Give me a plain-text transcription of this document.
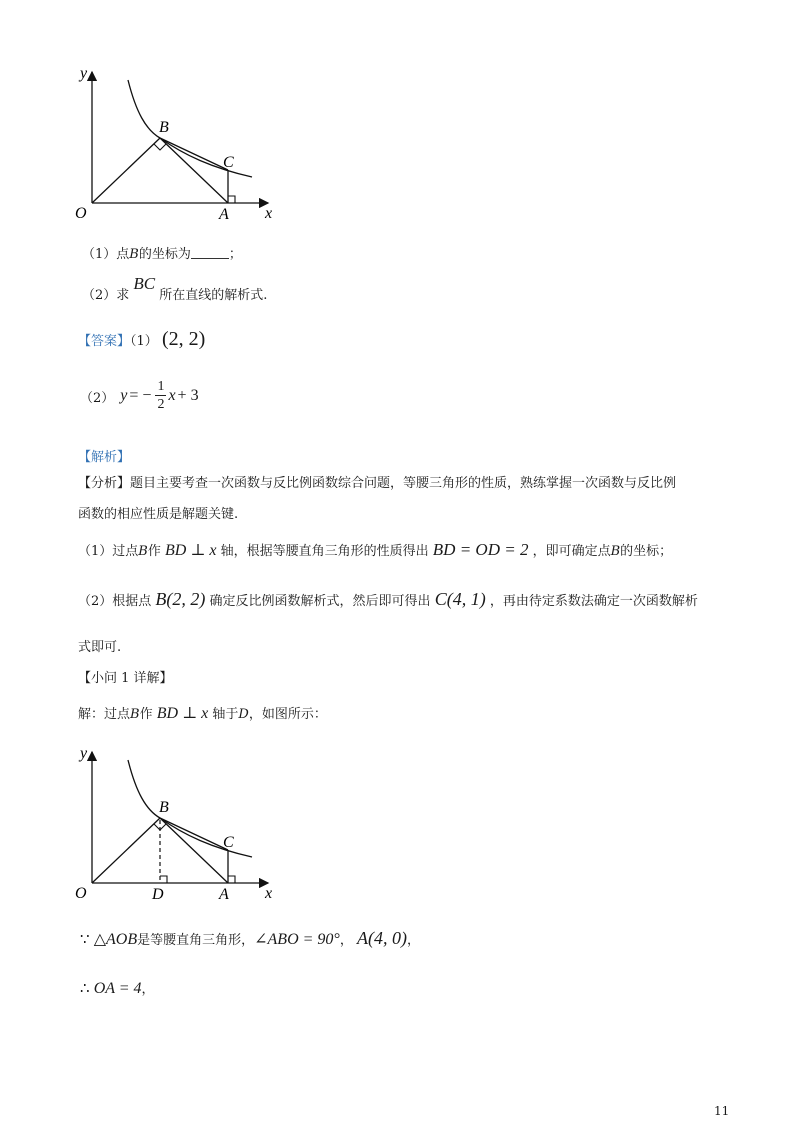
y
x
O	A
B
C
（1）点B的坐标为	；
（2）求 BC 所在直线的解析式.
【答案】（1） (2, 2)
（2） y = − $\frac{1}{2}$ x + 3
【解析】
【分析】题目主要考查一次函数与反比例函数综合问题，等腰三角形的性质，熟练掌握一次函数与反比例
函数的相应性质是解题关键.
（1）过点B作 BD ⊥ x 轴，根据等腰直角三角形的性质得出 BD = OD = 2 ，即可确定点B的坐标；
（2）根据点 B(2, 2) 确定反比例函数解析式，然后即可得出 C(4, 1) ，再由待定系数法确定一次函数解析
式即可.
【小问 1 详解】
解：过点B作 BD ⊥ x 轴于D，如图所示：
y
x
O	D	A
B
C
∵ △AOB是等腰直角三角形，∠ABO = 90°， A(4, 0)，
∴ OA = 4，
11
